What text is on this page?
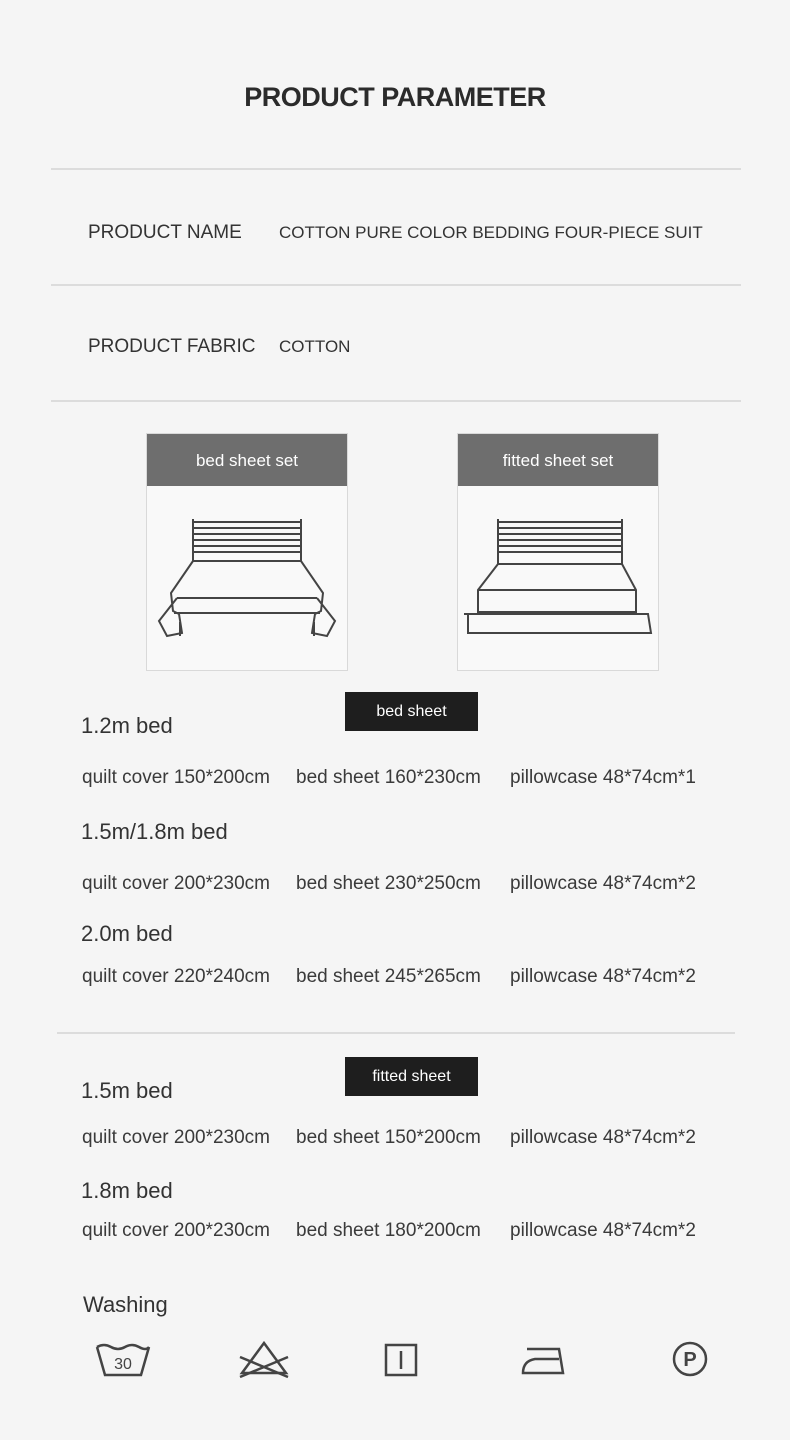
PRODUCT PARAMETER
PRODUCT NAME COTTON PURE COLOR BEDDING FOUR-PIECE SUIT
PRODUCT FABRIC COTTON
bed sheet set	fitted sheet set
bed sheet
1.2m bed
quilt cover 150*200cm bed sheet 160*230cm pillowcase 48*74cm*1
1.5m/1.8m bed
quilt cover 200*230cm bed sheet 230*250cm pillowcase 48*74cm*2
2.0m bed
quilt cover 220*240cm bed sheet 245*265cm pillowcase 48*74cm*2
fitted sheet
1.5m bed
quilt cover 200*230cm bed sheet 150*200cm pillowcase 48*74cm*2
1.8m bed
quilt cover 200*230cm bed sheet 180*200cm pillowcase 48*74cm*2
Washing
30	P
